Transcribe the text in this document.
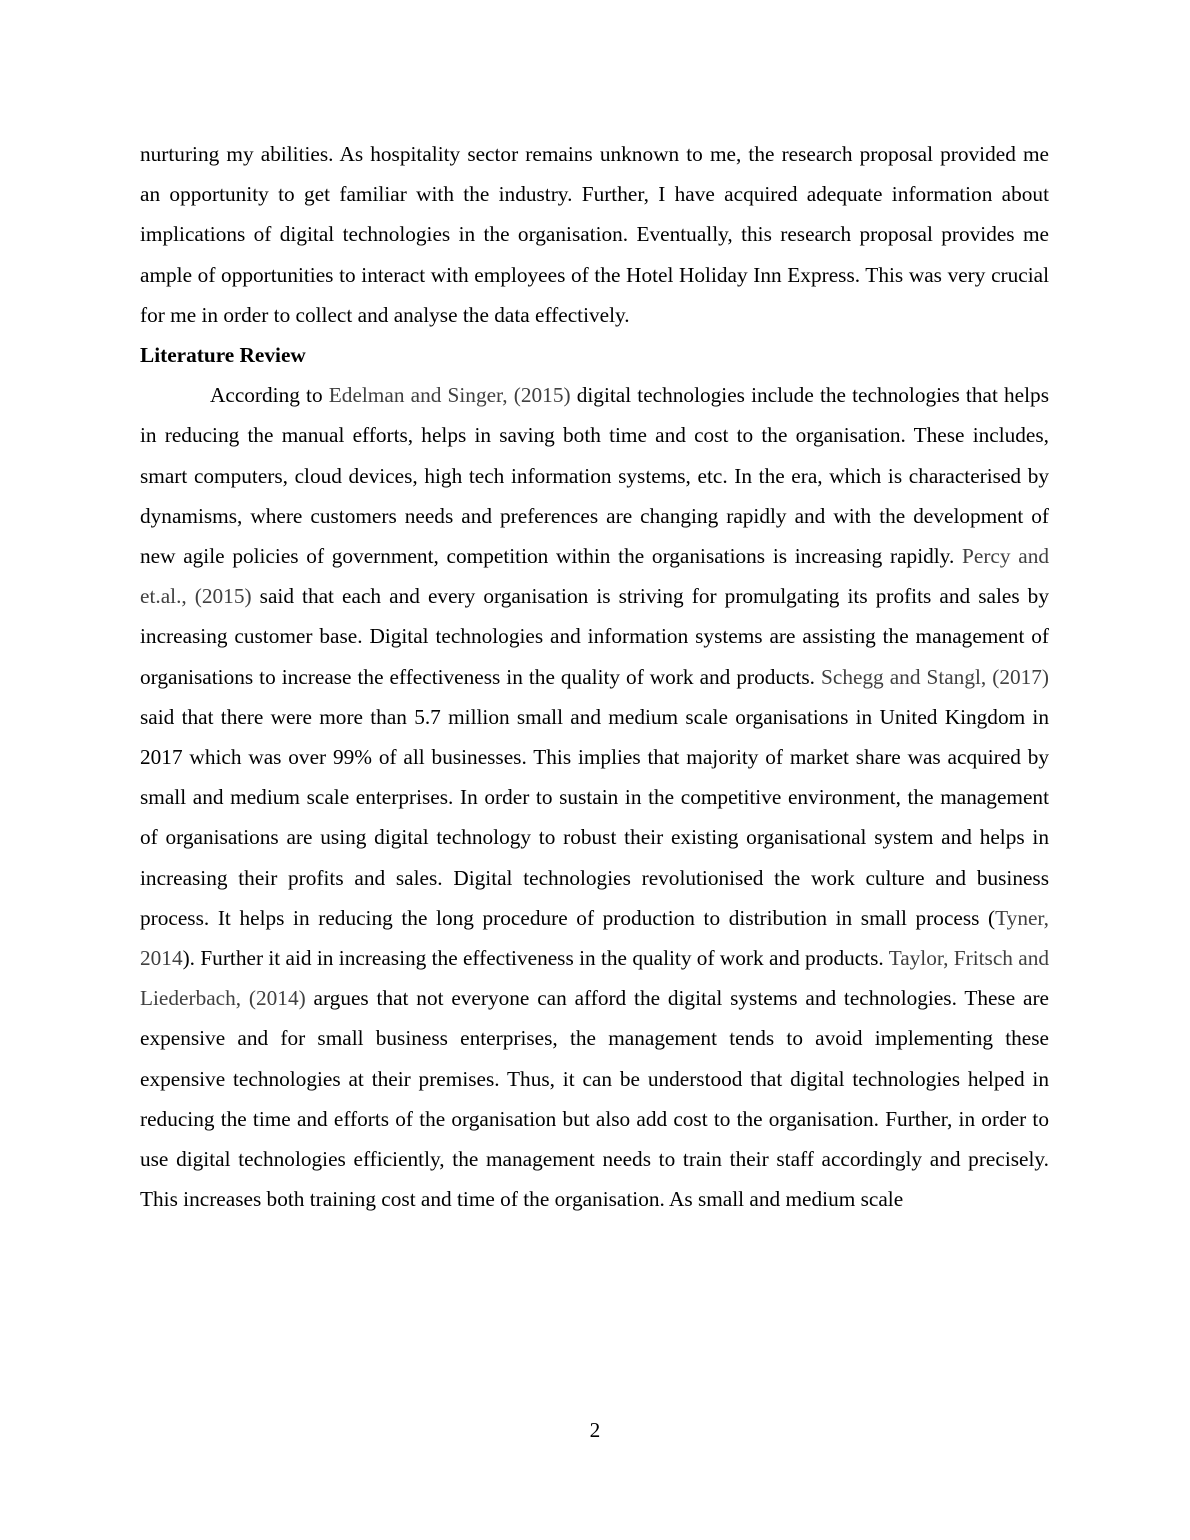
nurturing my abilities. As hospitality sector remains unknown to me, the research proposal provided me an opportunity to get familiar with the industry. Further, I have acquired adequate information about implications of digital technologies in the organisation. Eventually, this research proposal provides me ample of opportunities to interact with employees of the Hotel Holiday Inn Express. This was very crucial for me in order to collect and analyse the data effectively.

Literature Review

According to Edelman and Singer, (2015) digital technologies include the technologies that helps in reducing the manual efforts, helps in saving both time and cost to the organisation. These includes, smart computers, cloud devices, high tech information systems, etc. In the era, which is characterised by dynamisms, where customers needs and preferences are changing rapidly and with the development of new agile policies of government, competition within the organisations is increasing rapidly. Percy and et.al., (2015) said that each and every organisation is striving for promulgating its profits and sales by increasing customer base. Digital technologies and information systems are assisting the management of organisations to increase the effectiveness in the quality of work and products. Schegg and Stangl, (2017) said that there were more than 5.7 million small and medium scale organisations in United Kingdom in 2017 which was over 99% of all businesses. This implies that majority of market share was acquired by small and medium scale enterprises. In order to sustain in the competitive environment, the management of organisations are using digital technology to robust their existing organisational system and helps in increasing their profits and sales. Digital technologies revolutionised the work culture and business process. It helps in reducing the long procedure of production to distribution in small process (Tyner, 2014). Further it aid in increasing the effectiveness in the quality of work and products. Taylor, Fritsch and Liederbach, (2014) argues that not everyone can afford the digital systems and technologies. These are expensive and for small business enterprises, the management tends to avoid implementing these expensive technologies at their premises. Thus, it can be understood that digital technologies helped in reducing the time and efforts of the organisation but also add cost to the organisation. Further, in order to use digital technologies efficiently, the management needs to train their staff accordingly and precisely. This increases both training cost and time of the organisation. As small and medium scale

2
